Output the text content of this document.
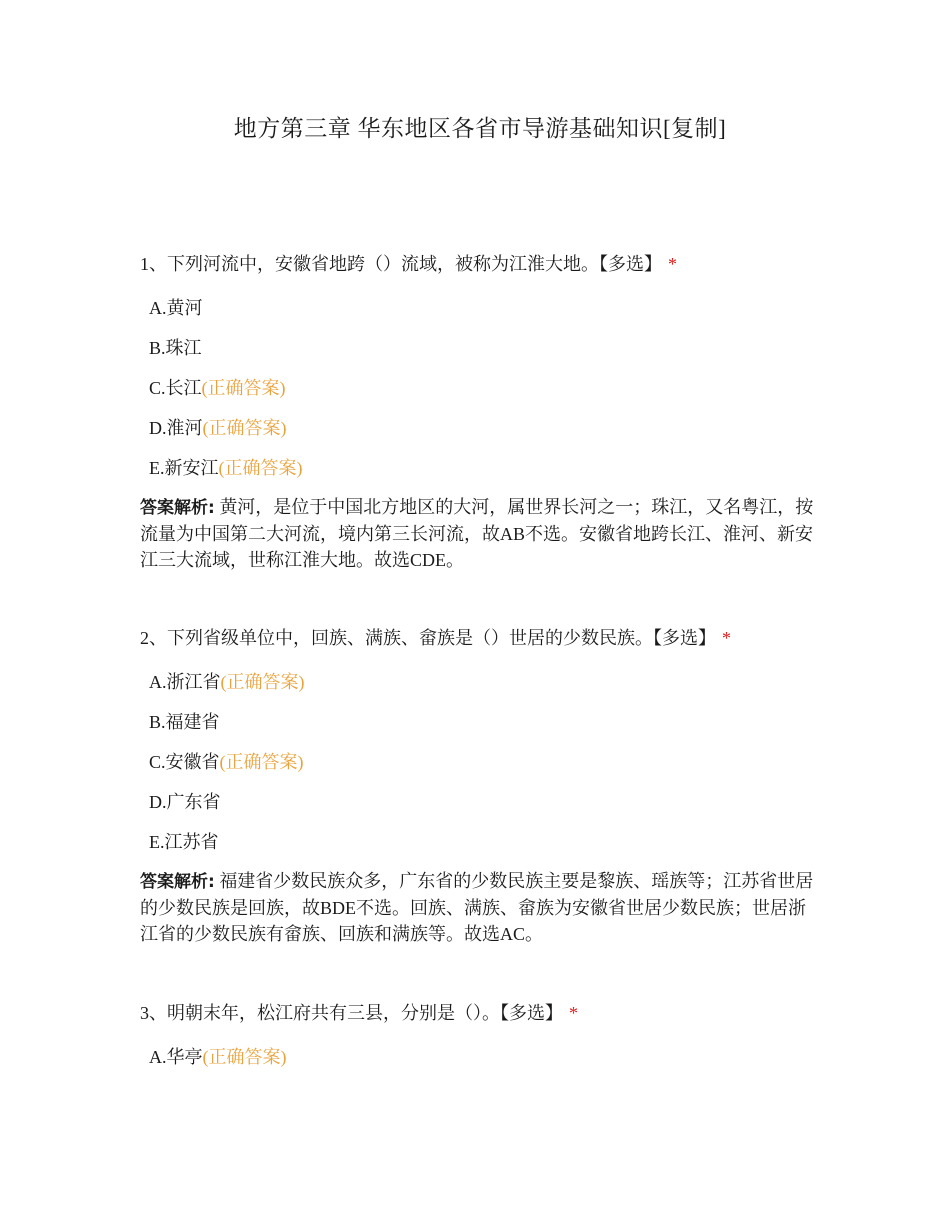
地方第三章 华东地区各省市导游基础知识[复制]
1、下列河流中，安徽省地跨（）流域，被称为江淮大地。【多选】 *
A.黄河
B.珠江
C.长江(正确答案)
D.淮河(正确答案)
E.新安江(正确答案)
答案解析: 黄河，是位于中国北方地区的大河，属世界长河之一；珠江，又名粤江，按流量为中国第二大河流，境内第三长河流，故AB不选。安徽省地跨长江、淮河、新安江三大流域，世称江淮大地。故选CDE。
2、下列省级单位中，回族、满族、畲族是（）世居的少数民族。【多选】 *
A.浙江省(正确答案)
B.福建省
C.安徽省(正确答案)
D.广东省
E.江苏省
答案解析: 福建省少数民族众多，广东省的少数民族主要是黎族、瑶族等；江苏省世居的少数民族是回族，故BDE不选。回族、满族、畲族为安徽省世居少数民族；世居浙江省的少数民族有畲族、回族和满族等。故选AC。
3、明朝末年，松江府共有三县，分别是（）。【多选】 *
A.华亭(正确答案)
